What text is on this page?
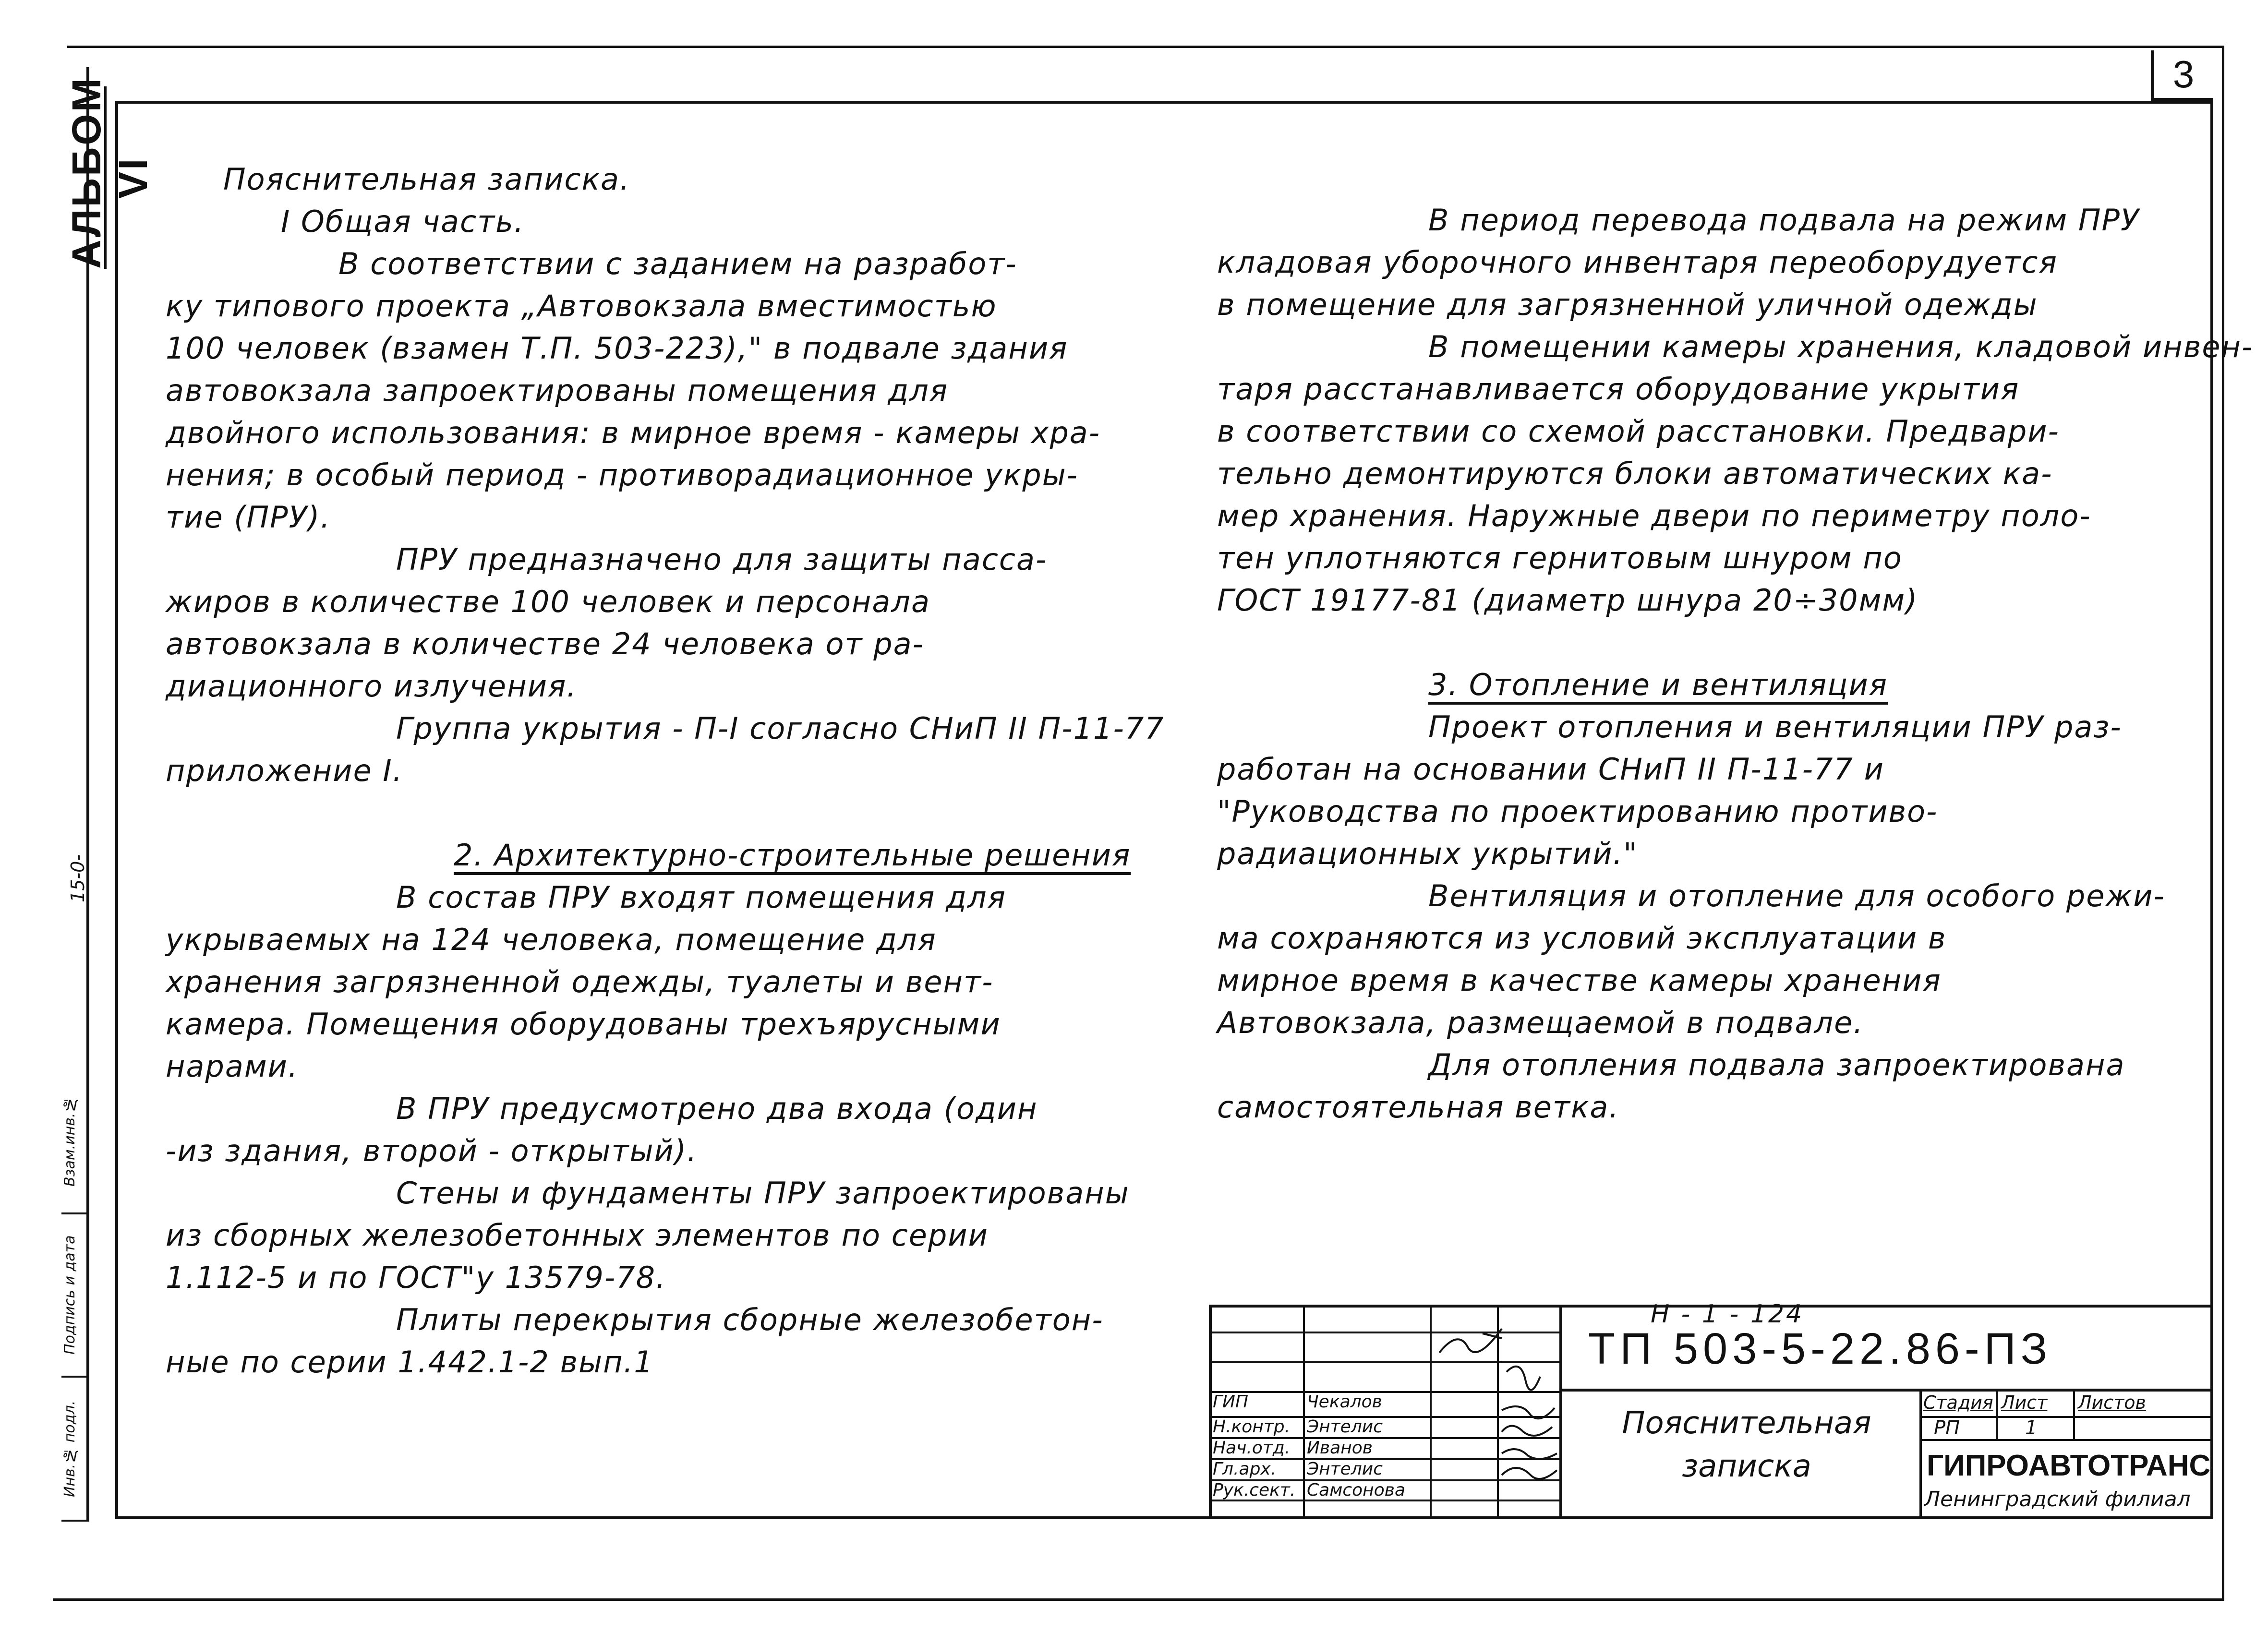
3
АЛЬБОМ VI
15-0-
Инв.№ подл.
Подпись и дата
Взам.инв.№

Пояснительная записка.

I Общая часть.

В соответствии с заданием на разработ-

ку типового проекта „Автовокзала вместимостью

100 человек (взамен Т.П. 503-223)," в подвале здания

автовокзала запроектированы помещения для

двойного использования: в мирное время - камеры хра-

нения; в особый период - противорадиационное укры-

тие (ПРУ).

ПРУ предназначено для защиты пасса-

жиров в количестве 100 человек и персонала

автовокзала в количестве 24 человека от ра-

диационного излучения.

Группа укрытия - П-I согласно СНиП II П-11-77

приложение I.

2. Архитектурно-строительные решения

В состав ПРУ входят помещения для

укрываемых на 124 человека, помещение для

хранения загрязненной одежды, туалеты и вент-

камера. Помещения оборудованы трехъярусными

нарами.

В ПРУ предусмотрено два входа (один

-из здания, второй - открытый).

Стены и фундаменты ПРУ запроектированы

из сборных железобетонных элементов по серии

1.112-5 и по ГОСТ"у 13579-78.

Плиты перекрытия сборные железобетон-

ные по серии 1.442.1-2 вып.1

В период перевода подвала на режим ПРУ

кладовая уборочного инвентаря переоборудуется

в помещение для загрязненной уличной одежды

В помещении камеры хранения, кладовой инвен-

таря расстанавливается оборудование укрытия

в соответствии со схемой расстановки. Предвари-

тельно демонтируются блоки автоматических ка-

мер хранения. Наружные двери по периметру поло-

тен уплотняются гернитовым шнуром по

ГОСТ 19177-81 (диаметр шнура 20÷30мм)

3. Отопление и вентиляция

Проект отопления и вентиляции ПРУ раз-

работан на основании СНиП II П-11-77 и

"Руководства по проектированию противо-

радиационных укрытий."

Вентиляция и отопление для особого режи-

ма сохраняются из условий эксплуатации в

мирное время в качестве камеры хранения

Автовокзала, размещаемой в подвале.

Для отопления подвала запроектирована

самостоятельная ветка.

ГИП	Чекалов
Н.контр. Энтелис
Нач.отд. Иванов
Гл.арх. Энтелис
Рук.сект. Самсонова
Н - 1 - 124
ТП 503-5-22.86-ПЗ
Пояснительная
записка
Стадия Лист Листов
РП	1
ГИПРОАВТОТРАНС
Ленинградский филиал
